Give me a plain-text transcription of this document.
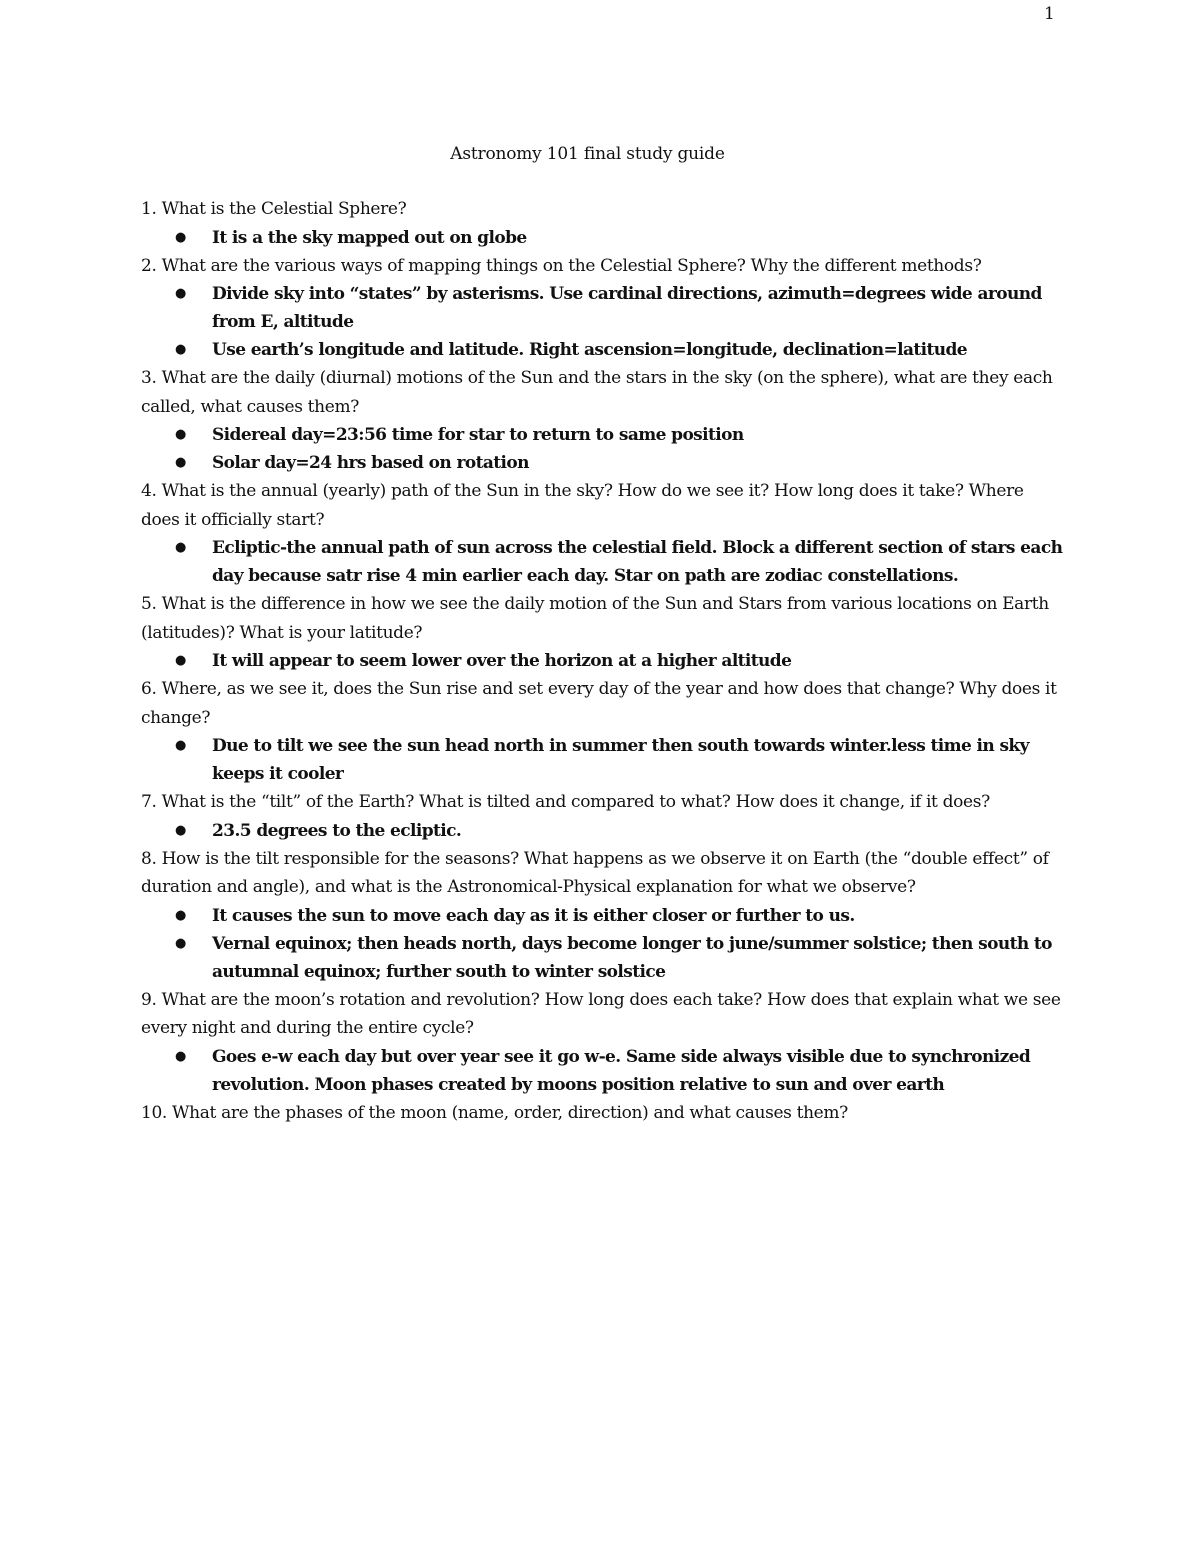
1
Astronomy 101 final study guide

1. What is the Celestial Sphere?

● It is a the sky mapped out on globe

2. What are the various ways of mapping things on the Celestial Sphere? Why the different methods?

● Divide sky into “states” by asterisms. Use cardinal directions, azimuth=degrees wide around from E, altitude
● Use earth’s longitude and latitude. Right ascension=longitude, declination=latitude

3. What are the daily (diurnal) motions of the Sun and the stars in the sky (on the sphere), what are they each called, what causes them?

● Sidereal day=23:56 time for star to return to same position
● Solar day=24 hrs based on rotation

4. What is the annual (yearly) path of the Sun in the sky? How do we see it? How long does it take? Where does it officially start?

● Ecliptic-the annual path of sun across the celestial field. Block a different section of stars each day because satr rise 4 min earlier each day. Star on path are zodiac constellations.

5. What is the difference in how we see the daily motion of the Sun and Stars from various locations on Earth (latitudes)? What is your latitude?

● It will appear to seem lower over the horizon at a higher altitude

6. Where, as we see it, does the Sun rise and set every day of the year and how does that change? Why does it change?

● Due to tilt we see the sun head north in summer then south towards winter.less time in sky keeps it cooler

7. What is the “tilt” of the Earth? What is tilted and compared to what? How does it change, if it does?

● 23.5 degrees to the ecliptic.

8. How is the tilt responsible for the seasons? What happens as we observe it on Earth (the “double effect” of duration and angle), and what is the Astronomical-Physical explanation for what we observe?

● It causes the sun to move each day as it is either closer or further to us.
● Vernal equinox; then heads north, days become longer to june/summer solstice; then south to autumnal equinox; further south to winter solstice

9. What are the moon’s rotation and revolution? How long does each take? How does that explain what we see every night and during the entire cycle?

● Goes e-w each day but over year see it go w-e. Same side always visible due to synchronized revolution. Moon phases created by moons position relative to sun and over earth

10. What are the phases of the moon (name, order, direction) and what causes them?
